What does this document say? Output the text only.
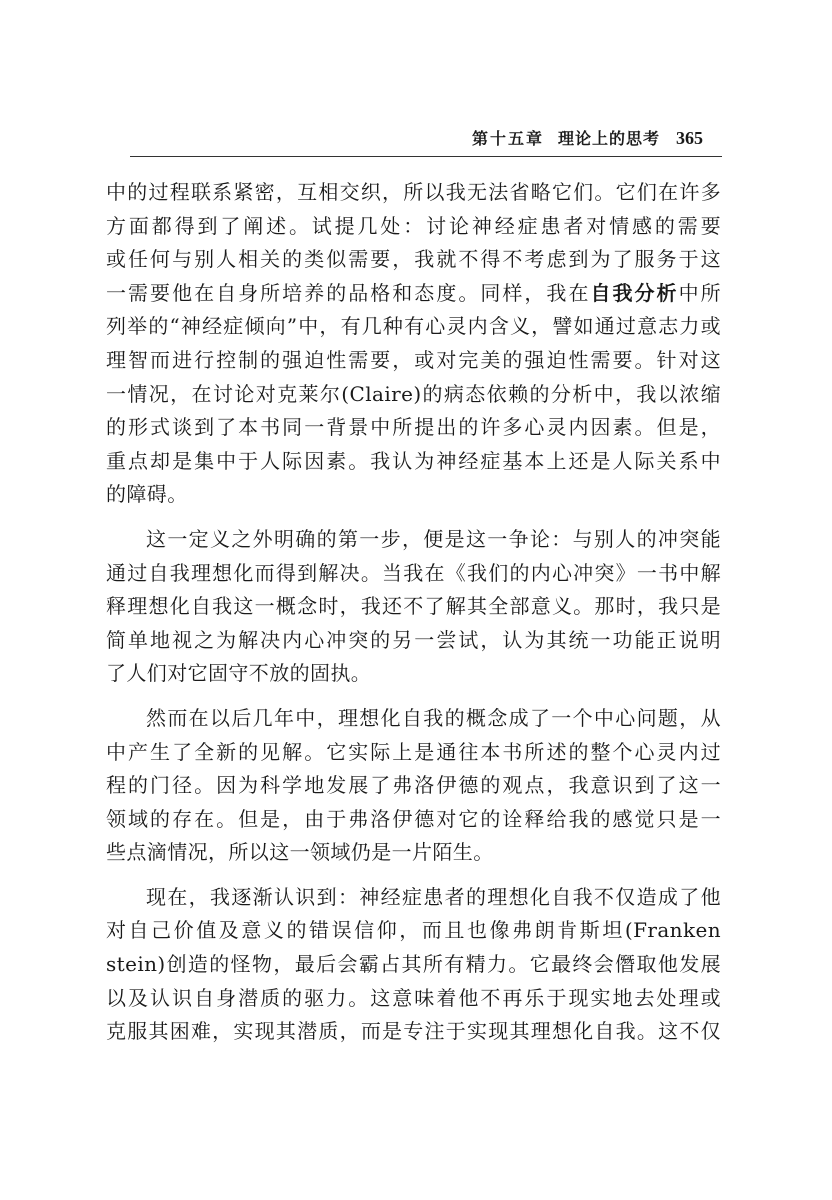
第十五章 理论上的思考 365
中的过程联系紧密，互相交织，所以我无法省略它们。它们在许多
方面都得到了阐述。试提几处：讨论神经症患者对情感的需要
或任何与别人相关的类似需要，我就不得不考虑到为了服务于这
一需要他在自身所培养的品格和态度。同样，我在自我分析中所
列举的“神经症倾向”中，有几种有心灵内含义，譬如通过意志力或
理智而进行控制的强迫性需要，或对完美的强迫性需要。针对这
一情况，在讨论对克莱尔(Claire)的病态依赖的分析中，我以浓缩
的形式谈到了本书同一背景中所提出的许多心灵内因素。但是，
重点却是集中于人际因素。我认为神经症基本上还是人际关系中
的障碍。
这一定义之外明确的第一步，便是这一争论：与别人的冲突能
通过自我理想化而得到解决。当我在《我们的内心冲突》一书中解
释理想化自我这一概念时，我还不了解其全部意义。那时，我只是
简单地视之为解决内心冲突的另一尝试，认为其统一功能正说明
了人们对它固守不放的固执。
然而在以后几年中，理想化自我的概念成了一个中心问题，从
中产生了全新的见解。它实际上是通往本书所述的整个心灵内过
程的门径。因为科学地发展了弗洛伊德的观点，我意识到了这一
领域的存在。但是，由于弗洛伊德对它的诠释给我的感觉只是一
些点滴情况，所以这一领域仍是一片陌生。
现在，我逐渐认识到：神经症患者的理想化自我不仅造成了他
对自己价值及意义的错误信仰，而且也像弗朗肯斯坦(Franken
stein)创造的怪物，最后会霸占其所有精力。它最终会僭取他发展
以及认识自身潜质的驱力。这意味着他不再乐于现实地去处理或
克服其困难，实现其潜质，而是专注于实现其理想化自我。这不仅
